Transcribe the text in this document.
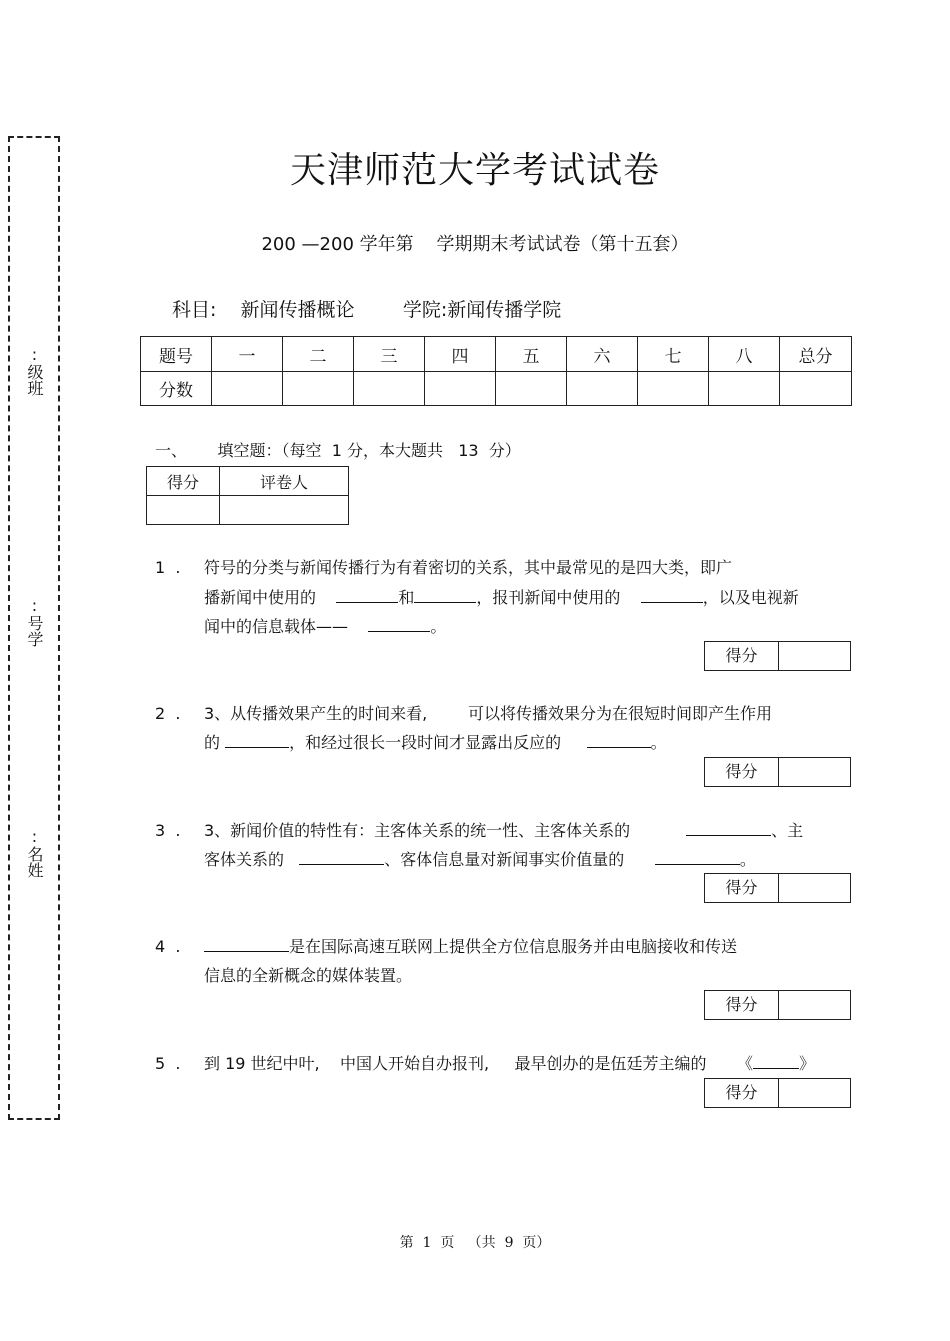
:级班
:号学
:名姓
天津师范大学考试试卷
200 —200 学年第    学期期末考试试卷（第十五套）
科目:    新闻传播概论        学院:新闻传播学院
题号	一	二	三	四	五	六	七	八	总分
分数									
一、      填空题：（每空  1 分，本大题共   13  分）
得分	评卷人

1  . 符号的分类与新闻传播行为有着密切的关系，其中最常见的是四大类，即广
播新闻中使用的	和	，报刊新闻中使用的	，以及电视新
闻中的信息载体——	。
得分
2  . 3、从传播效果产生的时间来看,        可以将传播效果分为在很短时间即产生作用
的	，和经过很长一段时间才显露出反应的	。
得分
3  . 3、新闻价值的特性有：主客体关系的统一性、主客体关系的	、主
客体关系的	、客体信息量对新闻事实价值量的	。
得分
4  .	是在国际高速互联网上提供全方位信息服务并由电脑接收和传送
信息的全新概念的媒体装置。
得分
5  . 到 19 世纪中叶,    中国人开始自办报刊,     最早创办的是伍廷芳主编的 《	》
得分
第  1  页   （共  9  页）
